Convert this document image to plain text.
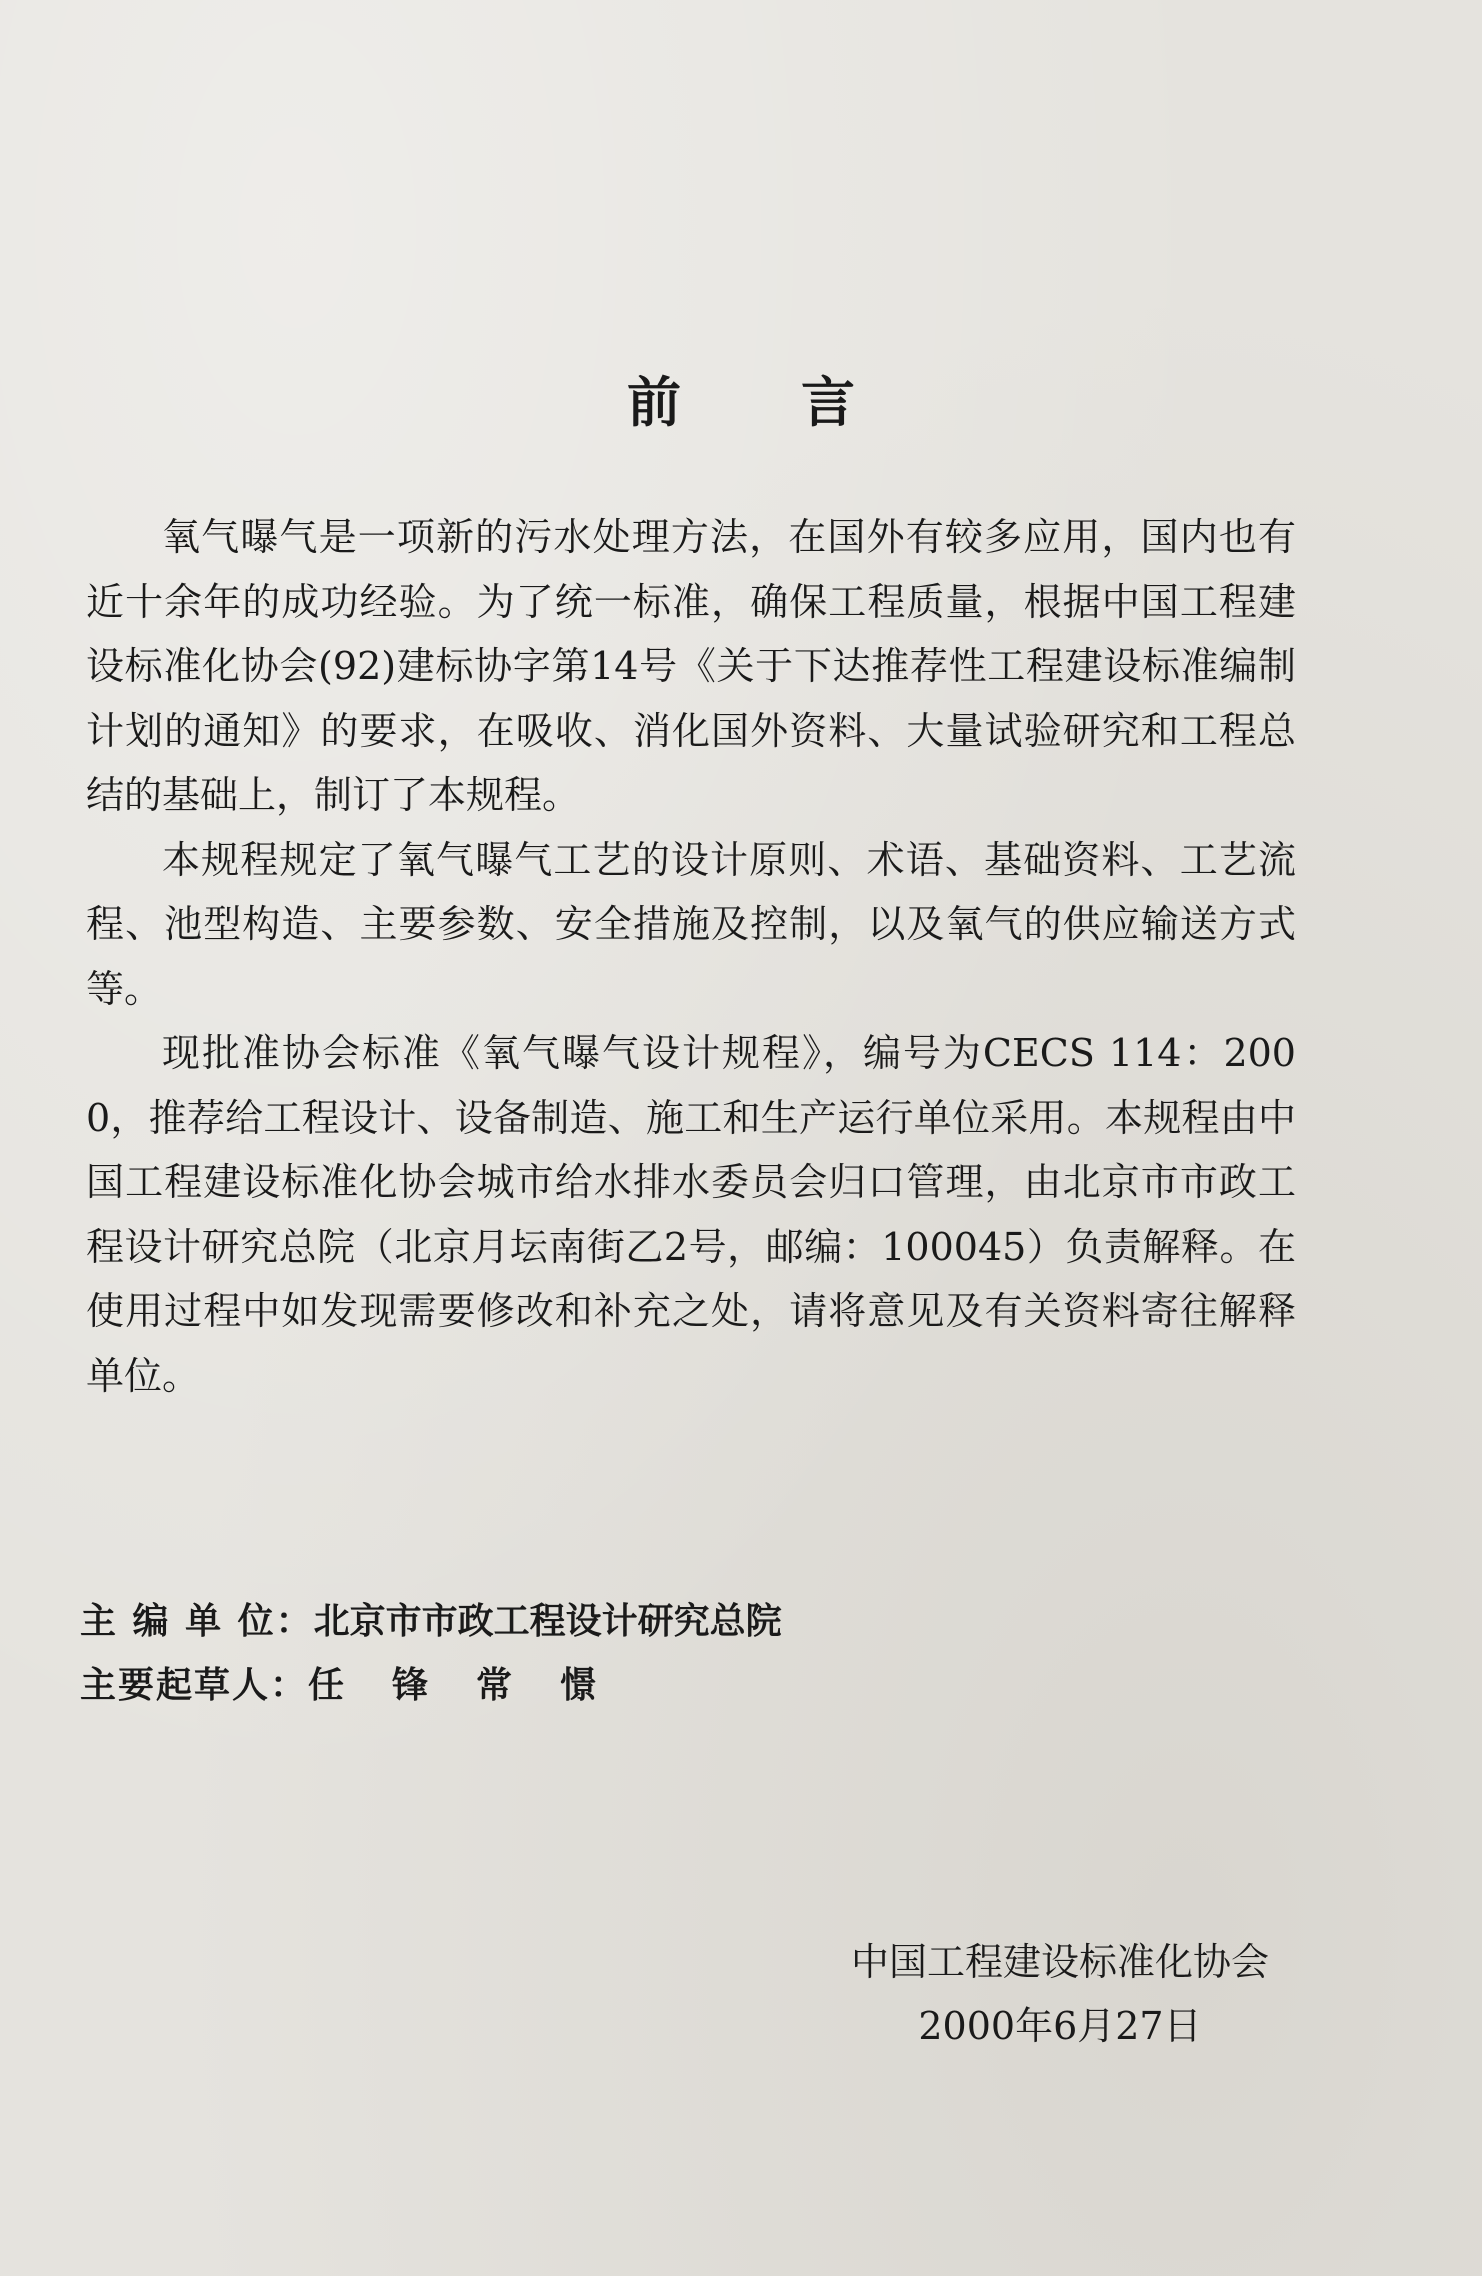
前言

氧气曝气是一项新的污水处理方法，在国外有较多应用，国内也有近十余年的成功经验。为了统一标准，确保工程质量，根据中国工程建设标准化协会(92)建标协字第14号《关于下达推荐性工程建设标准编制计划的通知》的要求，在吸收、消化国外资料、大量试验研究和工程总结的基础上，制订了本规程。

本规程规定了氧气曝气工艺的设计原则、术语、基础资料、工艺流程、池型构造、主要参数、安全措施及控制，以及氧气的供应输送方式等。

现批准协会标准《氧气曝气设计规程》，编号为CECS 114：2000，推荐给工程设计、设备制造、施工和生产运行单位采用。本规程由中国工程建设标准化协会城市给水排水委员会归口管理，由北京市市政工程设计研究总院（北京月坛南街乙2号，邮编：100045）负责解释。在使用过程中如发现需要修改和补充之处，请将意见及有关资料寄往解释单位。

主 编 单 位： 北京市市政工程设计研究总院
主要起草人： 任锋常憬
中国工程建设标准化协会
2000年6月27日
